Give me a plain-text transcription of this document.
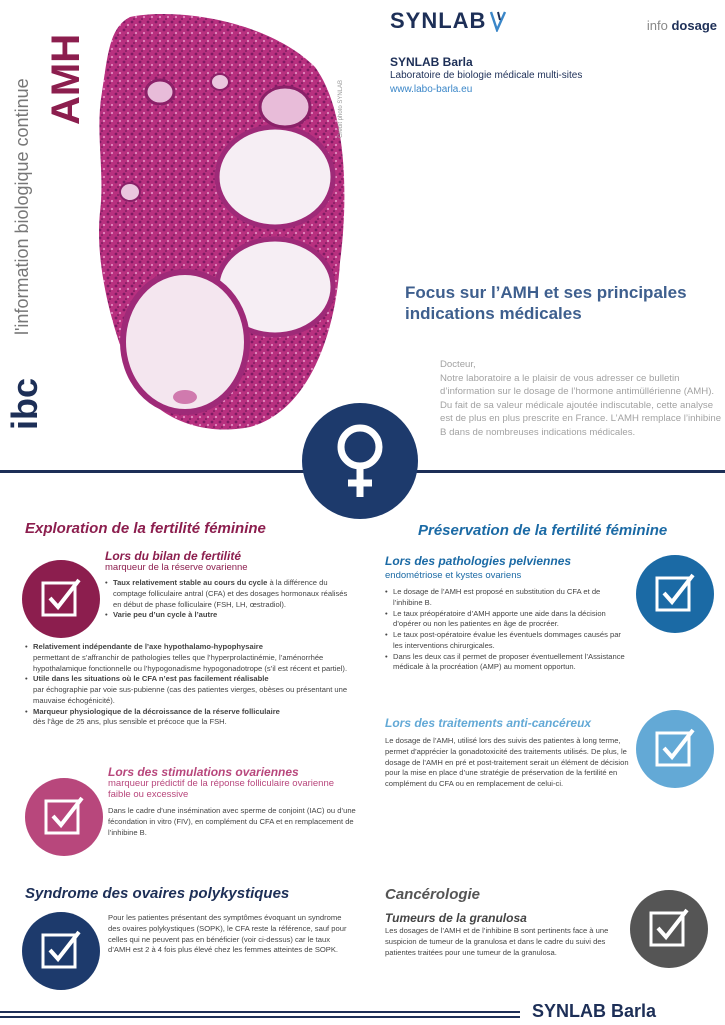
ibc
l'information biologique continue AMH	Crédit photo SYNLAB
SYNLAB	info dosage
SYNLAB Barla
Laboratoire de biologie médicale multi-sites
www.labo-barla.eu
Focus sur l’AMH et ses principales indications médicales
Docteur,
Notre laboratoire a le plaisir de vous adresser ce bulletin d’information sur le dosage de l’hormone antimüllérienne (AMH). Du fait de sa valeur médicale ajoutée indiscutable, cette analyse est de plus en plus prescrite en France. L’AMH remplace l’inhibine B dans de nombreuses indications médicales.
Exploration de la fertilité féminine
Lors du bilan de fertilité
marqueur de la réserve ovarienne
• Taux relativement stable au cours du cycle à la différence du comptage folliculaire antral (CFA) et des dosages hormonaux réalisés en début de phase folliculaire (FSH, LH, œstradiol).
• Varie peu d’un cycle à l’autre
• Relativement indépendante de l’axe hypothalamo-hypophysaire
permettant de s’affranchir de pathologies telles que l’hyperprolactinémie, l’aménorrhée hypothalamique fonctionnelle ou l’hypogonadisme hypogonadotrope (s’il est récent et partiel).
• Utile dans les situations où le CFA n’est pas facilement réalisable
par échographie par voie sus-pubienne (cas des patientes vierges, obèses ou présentant une mauvaise échogénicité).
• Marqueur physiologique de la décroissance de la réserve folliculaire
dès l’âge de 25 ans, plus sensible et précoce que la FSH.
Lors des stimulations ovariennes
marqueur prédictif de la réponse folliculaire ovarienne faible ou excessive
Dans le cadre d’une insémination avec sperme de conjoint (IAC) ou d’une fécondation in vitro (FIV), en complément du CFA et en remplacement de l’inhibine B.
Préservation de la fertilité féminine
Lors des pathologies pelviennes
endométriose et kystes ovariens
• Le dosage de l’AMH est proposé en substitution du CFA et de l’inhibine B.
• Le taux préopératoire d’AMH apporte une aide dans la décision d’opérer ou non les patientes en âge de procréer.
• Le taux post-opératoire évalue les éventuels dommages causés par les interventions chirurgicales.
• Dans les deux cas il permet de proposer éventuellement l’Assistance médicale à la procréation (AMP) au moment opportun.
Lors des traitements anti-cancéreux
Le dosage de l’AMH, utilisé lors des suivis des patientes à long terme, permet d’apprécier la gonadotoxicité des traitements utilisés. De plus, le dosage de l’AMH en pré et post-traitement serait un élément de décision pour la mise en place d’une stratégie de préservation de la fertilité en complément du CFA ou en remplacement de celui-ci.
Syndrome des ovaires polykystiques
Pour les patientes présentant des symptômes évoquant un syndrome des ovaires polykystiques (SOPK), le CFA reste la référence, sauf pour celles qui ne peuvent pas en bénéficier (voir ci-dessus) car le taux d’AMH est 2 à 4 fois plus élevé chez les femmes atteintes de SOPK.
Cancérologie
Tumeurs de la granulosa
Les dosages de l’AMH et de l’inhibine B sont pertinents face à une suspicion de tumeur de la granulosa et dans le cadre du suivi des patientes traitées pour une tumeur de la granulosa.
SYNLAB Barla
